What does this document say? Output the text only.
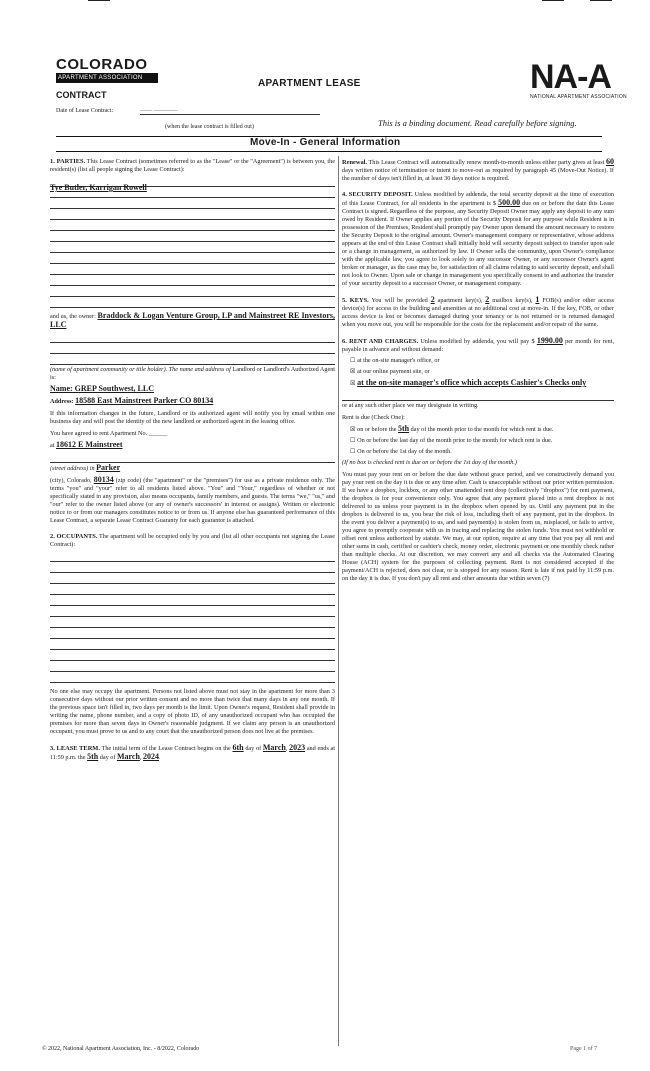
COLORADO
APARTMENT ASSOCIATION
CONTRACT
APARTMENT LEASE	NA-A
NATIONAL APARTMENT ASSOCIATION
Date of Lease Contract:	—— ————
(when the lease contract is filled out)	This is a binding document. Read carefully before signing.
Move-In - General Information

1. PARTIES. This Lease Contract (sometimes referred to as the "Lease" or the "Agreement") is between you, the resident(s) (list all people signing the Lease Contract):

Tye Butler, Karrigan Rowell

and us, the owner: Braddock & Logan Venture Group, LP and Mainstreet RE Investors, LLC

(name of apartment community or title holder). The name and address of Landlord or Landlord's Authorized Agent is:

Name: GREP Southwest, LLC

Address: 18588 East Mainstreet Parker CO 80134

If this information changes in the future, Landlord or its authorized agent will notify you by email within one business day and will post the identity of the new landlord or authorized agent in the leasing office.

You have agreed to rent Apartment No. ______

at 18612 E Mainstreet

(street address) in Parker

(city), Colorado, 80134 (zip code) (the "apartment" or the "premises") for use as a private residence only. The terms "you" and "your" refer to all residents listed above. "You" and "Your," regardless of whether or not specifically stated in any provision, also means occupants, family members, and guests. The terms "we," "us," and "our" refer to the owner listed above (or any of owner's successors' in interest or assigns). Written or electronic notice to or from our managers constitutes notice to or from us. If anyone else has guaranteed performance of this Lease Contract, a separate Lease Contract Guaranty for each guarantor is attached.

2. OCCUPANTS. The apartment will be occupied only by you and (list all other occupants not signing the Lease Contract):

No one else may occupy the apartment. Persons not listed above must not stay in the apartment for more than 3 consecutive days without our prior written consent and no more than twice that many days in any one month. If the previous space isn't filled in, two days per month is the limit. Upon Owner's request, Resident shall provide in writing the name, phone number, and a copy of photo ID, of any unauthorized occupant who has occupied the premises for more than seven days in Owner's reasonable judgment. If we claim any person is an unauthorized occupant, you must prove to us and to any court that the unauthorized person does not live at the premises.

3. LEASE TERM. The initial term of the Lease Contract begins on the 6th day of March, 2023 and ends at 11:59 p.m. the 5th day of March, 2024.

Renewal. This Lease Contract will automatically renew month-to-month unless either party gives at least 60 days written notice of termination or intent to move-out as required by paragraph 45 (Move-Out Notice). If the number of days isn't filled in, at least 30 days notice is required.

4. SECURITY DEPOSIT. Unless modified by addenda, the total security deposit at the time of execution of this Lease Contract, for all residents in the apartment is $ 500.00 due on or before the date this Lease Contract is signed. Regardless of the purpose, any Security Deposit Owner may apply any deposit to any sum owed by Resident. If Owner applies any portion of the Security Deposit for any purpose while Resident is in possession of the Premises, Resident shall promptly pay Owner upon demand the amount necessary to restore the Security Deposit to the original amount. Owner's management company or representative, whose address appears at the end of this Lease Contract shall initially hold will security deposit subject to transfer upon sale or a change in management, as authorized by law. If Owner sells the community, upon Owner's compliance with the applicable law, you agree to look solely to any successor Owner, or any successor Owner's agent broker or manager, as the case may be, for satisfaction of all claims relating to said security deposit, and shall not look to Owner. Upon sale or change in management you specifically consent to and authorize the transfer of your security deposit to a successor Owner, or management company.

5. KEYS. You will be provided 2 apartment key(s), 2 mailbox key(s), 1 FOB(s) and/or other access device(s) for access to the building and amenities at no additional cost at move-in. If the key, FOB, or other access device is lost or becomes damaged during your tenancy or is not returned or is returned damaged when you move out, you will be responsible for the costs for the replacement and/or repair of the same.

6. RENT AND CHARGES. Unless modified by addenda, you will pay $ 1990.00 per month for rent, payable in advance and without demand:

☐ at the on-site manager's office, or

☒ at our online payment site, or

☒ at the on-site manager's office which accepts Cashier's Checks only

or at any such other place we may designate in writing.

Rent is due (Check One):

☒ on or before the 5th day of the month prior to the month for which rent is due.

☐ On or before the last day of the month prior to the month for which rent is due.

☐ On or before the 1st day of the month.

(If no box is checked rent is due on or before the 1st day of the month.)

You must pay your rent on or before the due date without grace period, and we constructively demand you pay your rent on the day it is due or any time after. Cash is unacceptable without our prior written permission. If we have a dropbox, lockbox, or any other unattended rent drop (collectively "dropbox") for rent payment, the dropbox is for your convenience only. You agree that any payment placed into a rent dropbox is not delivered to us unless your payment is in the dropbox when opened by us. Until any payment put in the dropbox is delivered to us, you bear the risk of loss, including theft of any payment, put in the dropbox. In the event you deliver a payment(s) to us, and said payment(s) is stolen from us, misplaced, or fails to arrive, you agree to promptly cooperate with us in tracing and replacing the stolen funds. You must not withhold or offset rent unless authorized by statute. We may, at our option, require at any time that you pay all rent and other sums in cash, certified or cashier's check, money order, electronic payment or one monthly check rather than multiple checks. At our discretion, we may convert any and all checks via the Automated Clearing House (ACH) system for the purposes of collecting payment. Rent is not considered accepted if the payment/ACH is rejected, does not clear, or is stopped for any reason. Rent is late if not paid by 11:59 p.m. on the day it is due. If you don't pay all rent and other amounts due within seven (7)

© 2022, National Apartment Association, Inc. - 8/2022, Colorado	Page 1 of 7
